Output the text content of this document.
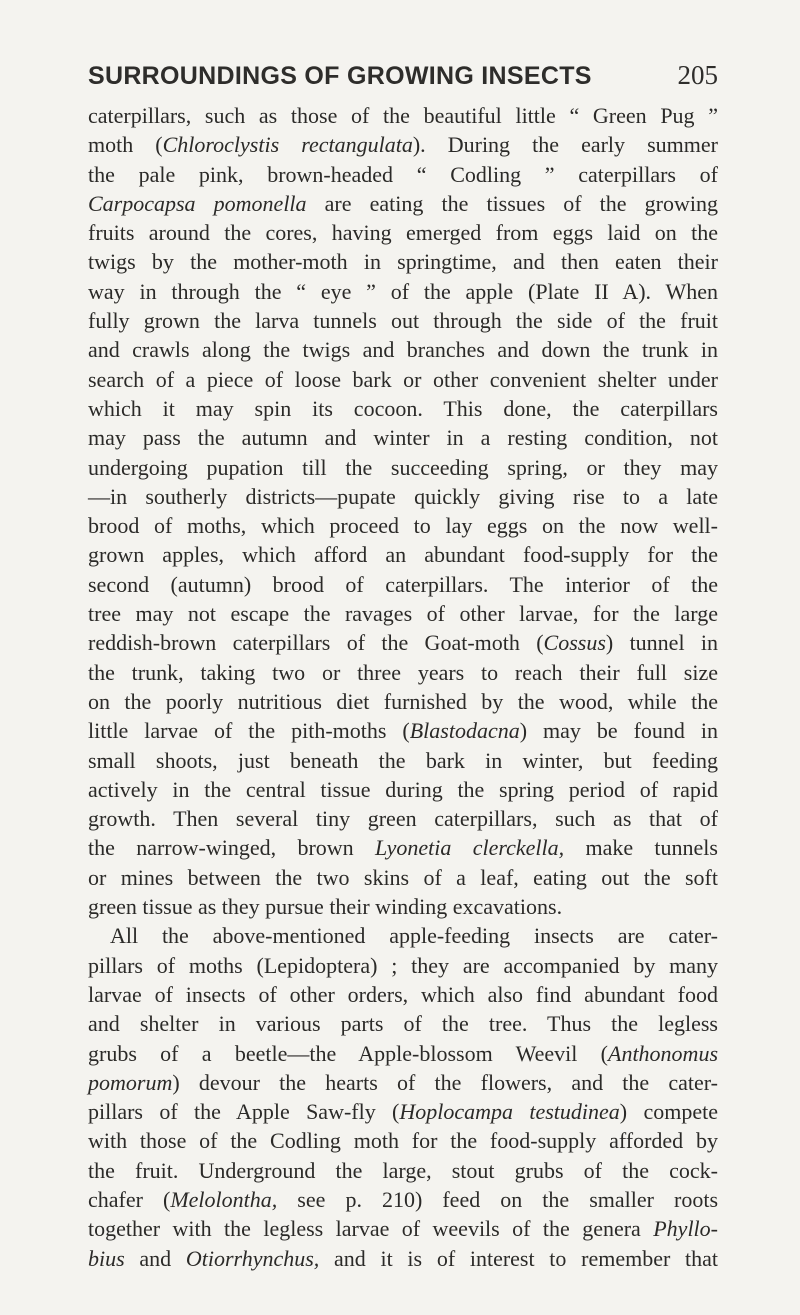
SURROUNDINGS OF GROWING INSECTS	205
caterpillars, such as those of the beautiful little “ Green Pug ”
moth (Chloroclystis rectangulata). During the early summer
the pale pink, brown-headed “ Codling ” caterpillars of
Carpocapsa pomonella are eating the tissues of the growing
fruits around the cores, having emerged from eggs laid on the
twigs by the mother-moth in springtime, and then eaten their
way in through the “ eye ” of the apple (Plate II A). When
fully grown the larva tunnels out through the side of the fruit
and crawls along the twigs and branches and down the trunk in
search of a piece of loose bark or other convenient shelter under
which it may spin its cocoon. This done, the caterpillars
may pass the autumn and winter in a resting condition, not
undergoing pupation till the succeeding spring, or they may
—in southerly districts—pupate quickly giving rise to a late
brood of moths, which proceed to lay eggs on the now well-
grown apples, which afford an abundant food-supply for the
second (autumn) brood of caterpillars. The interior of the
tree may not escape the ravages of other larvae, for the large
reddish-brown caterpillars of the Goat-moth (Cossus) tunnel in
the trunk, taking two or three years to reach their full size
on the poorly nutritious diet furnished by the wood, while the
little larvae of the pith-moths (Blastodacna) may be found in
small shoots, just beneath the bark in winter, but feeding
actively in the central tissue during the spring period of rapid
growth. Then several tiny green caterpillars, such as that of
the narrow-winged, brown Lyonetia clerckella, make tunnels
or mines between the two skins of a leaf, eating out the soft
green tissue as they pursue their winding excavations.
All the above-mentioned apple-feeding insects are cater-
pillars of moths (Lepidoptera) ; they are accompanied by many
larvae of insects of other orders, which also find abundant food
and shelter in various parts of the tree. Thus the legless
grubs of a beetle—the Apple-blossom Weevil (Anthonomus
pomorum) devour the hearts of the flowers, and the cater-
pillars of the Apple Saw-fly (Hoplocampa testudinea) compete
with those of the Codling moth for the food-supply afforded by
the fruit. Underground the large, stout grubs of the cock-
chafer (Melolontha, see p. 210) feed on the smaller roots
together with the legless larvae of weevils of the genera Phyllo-
bius and Otiorrhynchus, and it is of interest to remember that
